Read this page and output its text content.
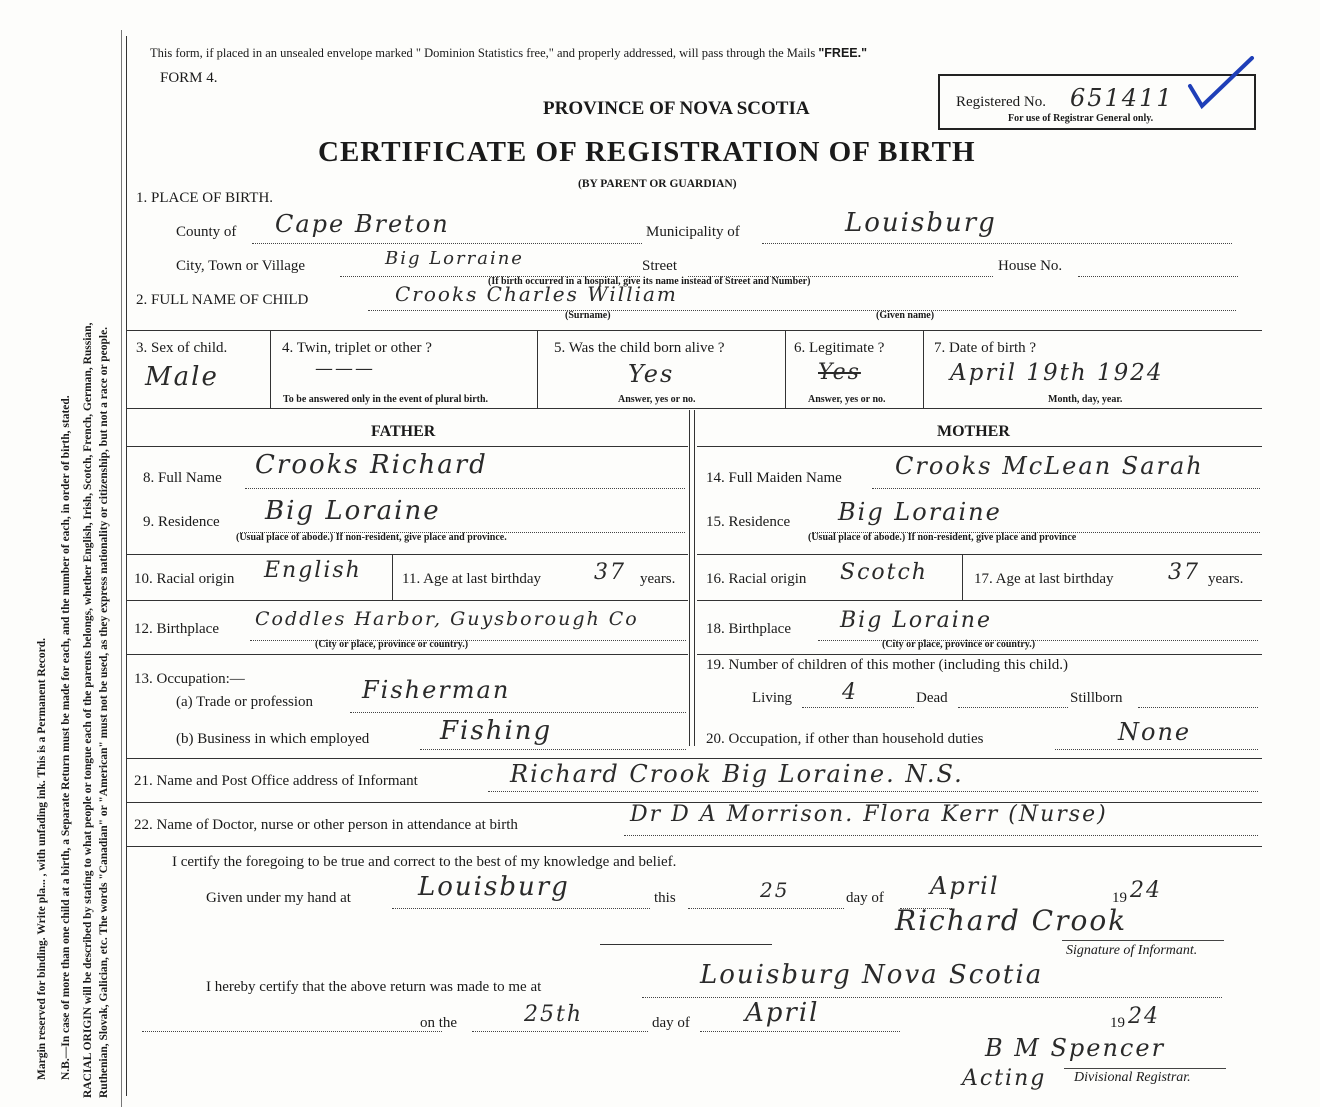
Margin reserved for binding. Write pla... , with unfading ink. This is a Permanent Record. N.B.—In case of more than one child at a birth, a Separate Return must be made for each, and the number of each, in order of birth, stated. RACIAL ORIGIN will be described by stating to what people or tongue each of the parents belongs, whether English, Irish, Scotch, French, German, Russian, Ruthenian, Slovak, Galician, etc. The words "Canadian" or "American" must not be used, as they express nationality or citizenship, but not a race or people.
This form, if placed in an unsealed envelope marked " Dominion Statistics free," and properly addressed, will pass through the Mails "FREE."
FORM 4.
PROVINCE OF NOVA SCOTIA
CERTIFICATE OF REGISTRATION OF BIRTH
(BY PARENT OR GUARDIAN)
Registered No. 651411
For use of Registrar General only.
1. PLACE OF BIRTH.
County of Cape Breton	Municipality of	Louisburg
City, Town or Village	Big Lorraine	Street	House No.
(If birth occurred in a hospital, give its name instead of Street and Number)
2. FULL NAME OF CHILD	Crooks Charles William
(Surname)	(Given name)
3. Sex of child.
Male
4. Twin, triplet or other ?
———
To be answered only in the event of plural birth.
5. Was the child born alive ?
Yes
Answer, yes or no.
6. Legitimate ?
Yes
Answer, yes or no.
7. Date of birth ?
April 19th 1924
Month, day, year.
FATHER	MOTHER
8. Full Name Crooks Richard
9. Residence Big Loraine
(Usual place of abode.) If non-resident, give place and province.
10. Racial origin English	11. Age at last birthday 37 years.
12. Birthplace Coddles Harbor, Guysborough Co
(City or place, province or country.)
13. Occupation:—
(a) Trade or profession Fisherman
(b) Business in which employed	Fishing
14. Full Maiden Name Crooks McLean Sarah
15. Residence Big Loraine
(Usual place of abode.) If non-resident, give place and province
16. Racial origin Scotch	17. Age at last birthday 37 years.
18. Birthplace Big Loraine
(City or place, province or country.)
19. Number of children of this mother (including this child.)
Living 4	Dead	Stillborn
20. Occupation, if other than household duties	None
21. Name and Post Office address of Informant	Richard Crook Big Loraine. N.S.
22. Name of Doctor, nurse or other person in attendance at birth	Dr D A Morrison. Flora Kerr (Nurse)
I certify the foregoing to be true and correct to the best of my knowledge and belief.
Given under my hand at	Louisburg	this	25	day of April	19 24
Richard Crook
Signature of Informant.
I hereby certify that the above return was made to me at	Louisburg Nova Scotia
on the	25th	day of April	19 24
B M Spencer
Acting Divisional Registrar.
